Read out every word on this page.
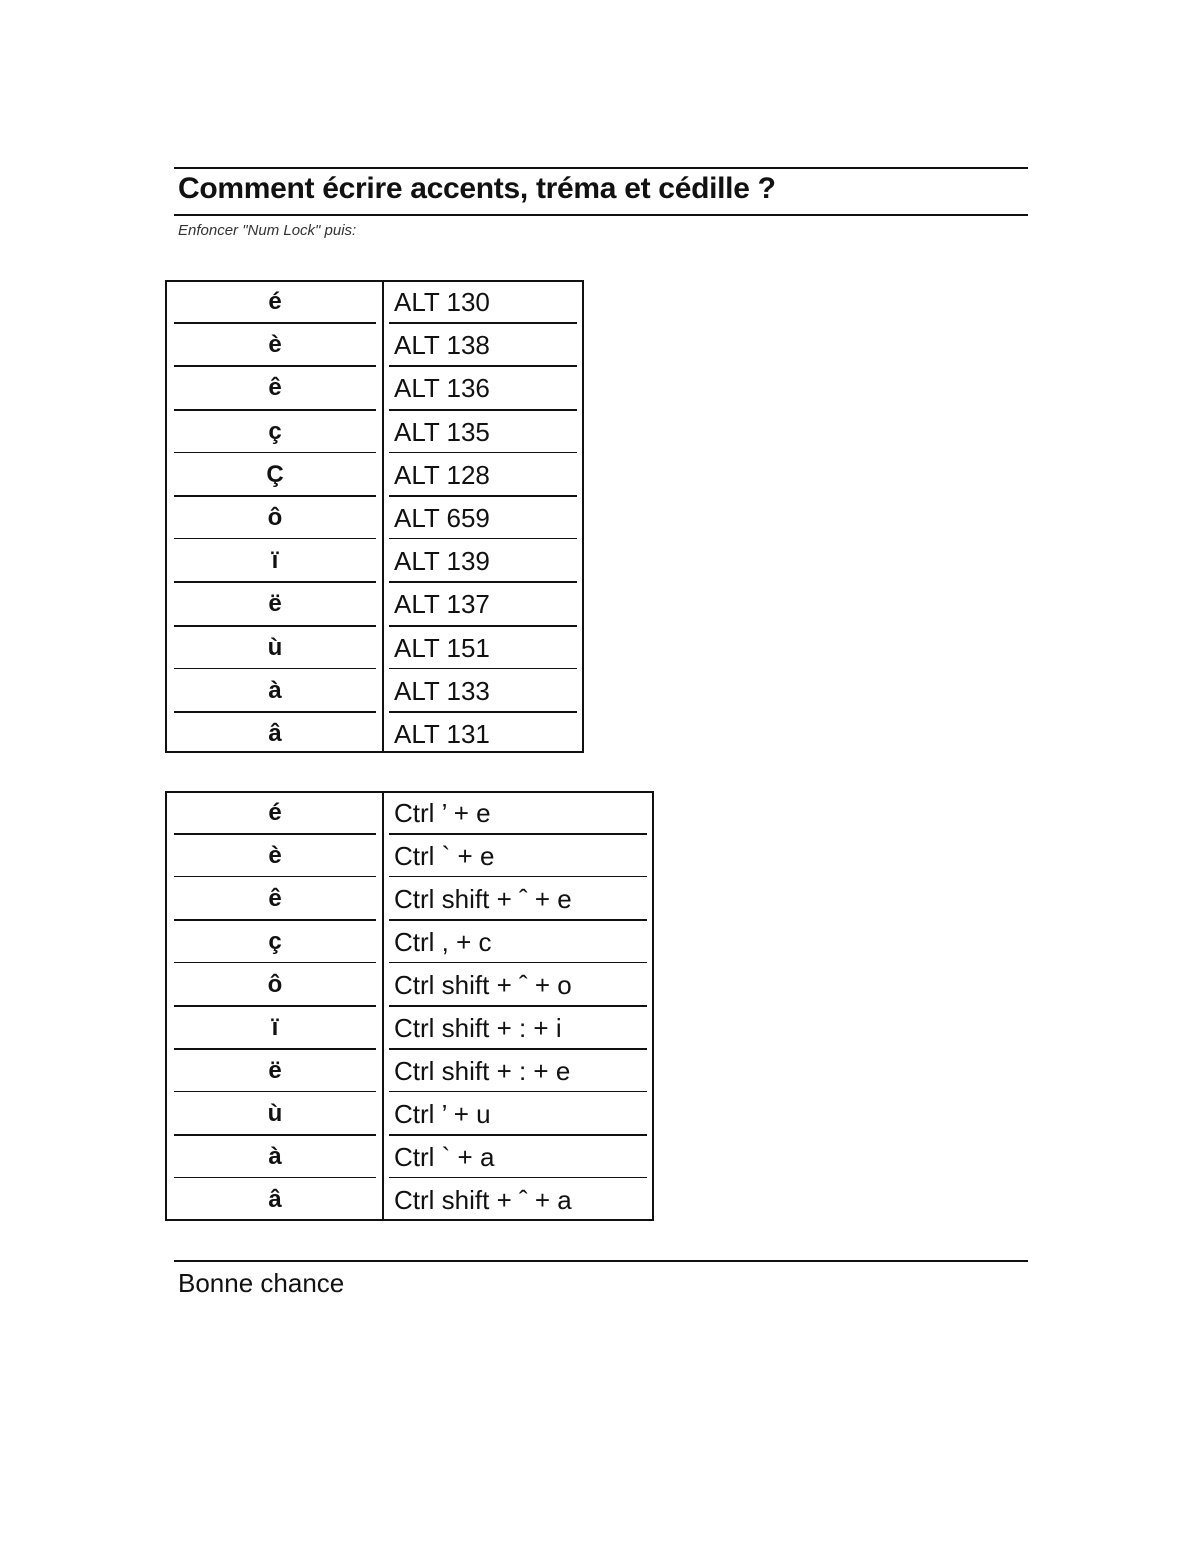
Comment écrire accents, tréma et cédille ?
Enfoncer "Num Lock" puis:
é	ALT 130
è	ALT 138
ê	ALT 136
ç	ALT 135
Ç	ALT 128
ô	ALT 659
ï	ALT 139
ë	ALT 137
ù	ALT 151
à	ALT 133
â	ALT 131
é	Ctrl ’ + e
è	Ctrl ` + e
ê	Ctrl shift + ˆ + e
ç	Ctrl , + c
ô	Ctrl shift + ˆ + o
ï	Ctrl shift + : + i
ë	Ctrl shift + : + e
ù	Ctrl ’ + u
à	Ctrl ` + a
â	Ctrl shift + ˆ + a
Bonne chance
